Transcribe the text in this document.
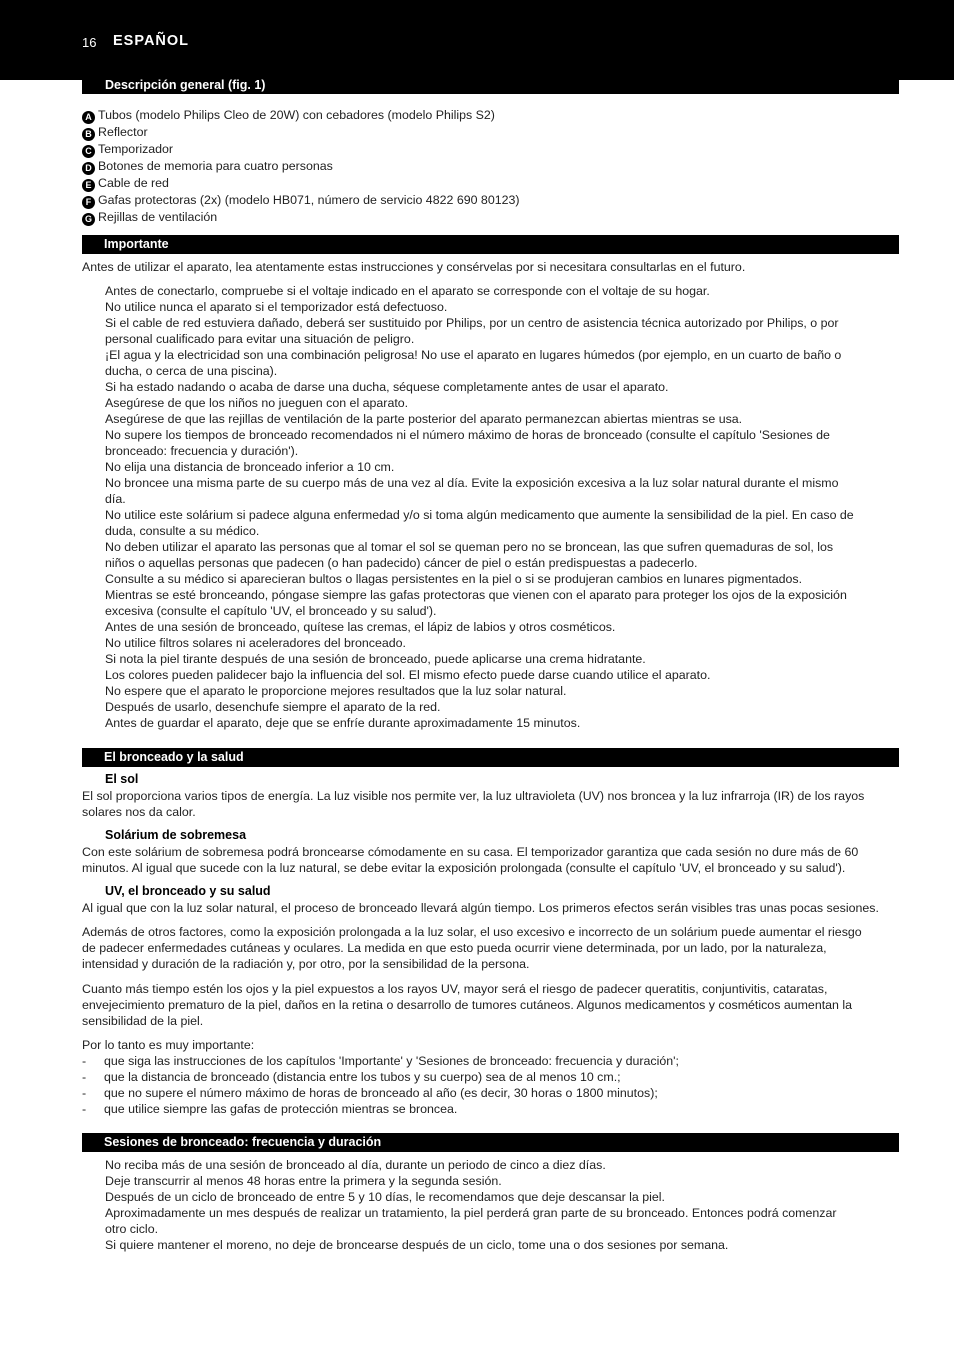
16 ESPAÑOL
Descripción general (fig. 1)
A Tubos (modelo Philips Cleo de 20W) con cebadores (modelo Philips S2)
B Reflector
C Temporizador
D Botones de memoria para cuatro personas
E Cable de red
F Gafas protectoras (2x) (modelo HB071, número de servicio 4822 690 80123)
G Rejillas de ventilación
Importante
Antes de utilizar el aparato, lea atentamente estas instrucciones y consérvelas por si necesitara consultarlas en el futuro.
Antes de conectarlo, compruebe si el voltaje indicado en el aparato se corresponde con el voltaje de su hogar.
No utilice nunca el aparato si el temporizador está defectuoso.
Si el cable de red estuviera dañado, deberá ser sustituido por Philips, por un centro de asistencia técnica autorizado por Philips, o por
personal cualificado para evitar una situación de peligro.
¡El agua y la electricidad son una combinación peligrosa! No use el aparato en lugares húmedos (por ejemplo, en un cuarto de baño o
ducha, o cerca de una piscina).
Si ha estado nadando o acaba de darse una ducha, séquese completamente antes de usar el aparato.
Asegúrese de que los niños no jueguen con el aparato.
Asegúrese de que las rejillas de ventilación de la parte posterior del aparato permanezcan abiertas mientras se usa.
No supere los tiempos de bronceado recomendados ni el número máximo de horas de bronceado (consulte el capítulo 'Sesiones de
bronceado: frecuencia y duración').
No elija una distancia de bronceado inferior a 10 cm.
No broncee una misma parte de su cuerpo más de una vez al día. Evite la exposición excesiva a la luz solar natural durante el mismo
día.
No utilice este solárium si padece alguna enfermedad y/o si toma algún medicamento que aumente la sensibilidad de la piel. En caso de
duda, consulte a su médico.
No deben utilizar el aparato las personas que al tomar el sol se queman pero no se broncean, las que sufren quemaduras de sol, los
niños o aquellas personas que padecen (o han padecido) cáncer de piel o están predispuestas a padecerlo.
Consulte a su médico si aparecieran bultos o llagas persistentes en la piel o si se produjeran cambios en lunares pigmentados.
Mientras se esté bronceando, póngase siempre las gafas protectoras que vienen con el aparato para proteger los ojos de la exposición
excesiva (consulte el capítulo 'UV, el bronceado y su salud').
Antes de una sesión de bronceado, quítese las cremas, el lápiz de labios y otros cosméticos.
No utilice filtros solares ni aceleradores del bronceado.
Si nota la piel tirante después de una sesión de bronceado, puede aplicarse una crema hidratante.
Los colores pueden palidecer bajo la influencia del sol. El mismo efecto puede darse cuando utilice el aparato.
No espere que el aparato le proporcione mejores resultados que la luz solar natural.
Después de usarlo, desenchufe siempre el aparato de la red.
Antes de guardar el aparato, deje que se enfríe durante aproximadamente 15 minutos.
El bronceado y la salud
El sol
El sol proporciona varios tipos de energía. La luz visible nos permite ver, la luz ultravioleta (UV) nos broncea y la luz infrarroja (IR) de los rayos
solares nos da calor.
Solárium de sobremesa
Con este solárium de sobremesa podrá broncearse cómodamente en su casa. El temporizador garantiza que cada sesión no dure más de 60
minutos. Al igual que sucede con la luz natural, se debe evitar la exposición prolongada (consulte el capítulo 'UV, el bronceado y su salud').
UV, el bronceado y su salud
Al igual que con la luz solar natural, el proceso de bronceado llevará algún tiempo. Los primeros efectos serán visibles tras unas pocas sesiones.
Además de otros factores, como la exposición prolongada a la luz solar, el uso excesivo e incorrecto de un solárium puede aumentar el riesgo
de padecer enfermedades cutáneas y oculares. La medida en que esto pueda ocurrir viene determinada, por un lado, por la naturaleza,
intensidad y duración de la radiación y, por otro, por la sensibilidad de la persona.
Cuanto más tiempo estén los ojos y la piel expuestos a los rayos UV, mayor será el riesgo de padecer queratitis, conjuntivitis, cataratas,
envejecimiento prematuro de la piel, daños en la retina o desarrollo de tumores cutáneos. Algunos medicamentos y cosméticos aumentan la
sensibilidad de la piel.
Por lo tanto es muy importante:
- que siga las instrucciones de los capítulos 'Importante' y 'Sesiones de bronceado: frecuencia y duración';
- que la distancia de bronceado (distancia entre los tubos y su cuerpo) sea de al menos 10 cm.;
- que no supere el número máximo de horas de bronceado al año (es decir, 30 horas o 1800 minutos);
- que utilice siempre las gafas de protección mientras se broncea.
Sesiones de bronceado: frecuencia y duración
No reciba más de una sesión de bronceado al día, durante un periodo de cinco a diez días.
Deje transcurrir al menos 48 horas entre la primera y la segunda sesión.
Después de un ciclo de bronceado de entre 5 y 10 días, le recomendamos que deje descansar la piel.
Aproximadamente un mes después de realizar un tratamiento, la piel perderá gran parte de su bronceado. Entonces podrá comenzar
otro ciclo.
Si quiere mantener el moreno, no deje de broncearse después de un ciclo, tome una o dos sesiones por semana.
